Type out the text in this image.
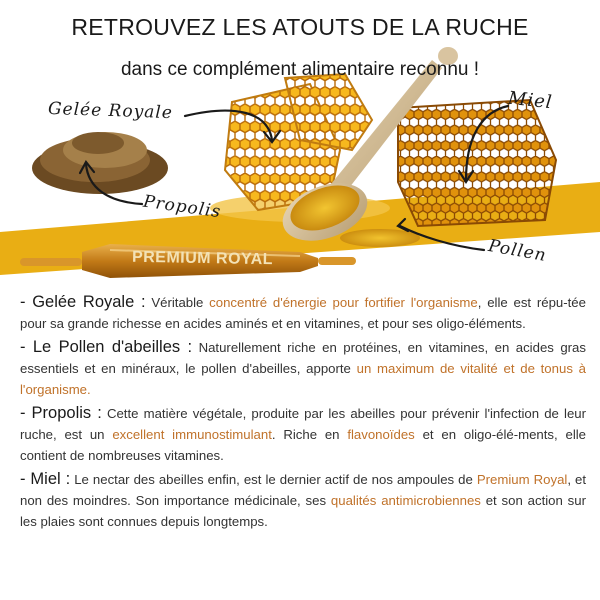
RETROUVEZ LES ATOUTS DE LA RUCHE
dans ce complément alimentaire reconnu !
Gelée Royale
Propolis
Miel
Pollen
PREMIUM ROYAL

- Gelée Royale : Véritable concentré d'énergie pour fortifier l'organisme, elle est répu-tée pour sa grande richesse en acides aminés et en vitamines, et pour ses oligo-éléments.

- Le Pollen d'abeilles : Naturellement riche en protéines, en vitamines, en acides gras essentiels et en minéraux, le pollen d'abeilles, apporte un maximum de vitalité et de tonus à l'organisme.

- Propolis : Cette matière végétale, produite par les abeilles pour prévenir l'infection de leur ruche, est un excellent immunostimulant. Riche en flavonoïdes et en oligo-élé-ments, elle contient de nombreuses vitamines.

- Miel : Le nectar des abeilles enfin, est le dernier actif de nos ampoules de Premium Royal, et non des moindres. Son importance médicinale, ses qualités antimicrobiennes et son action sur les plaies sont connues depuis longtemps.
